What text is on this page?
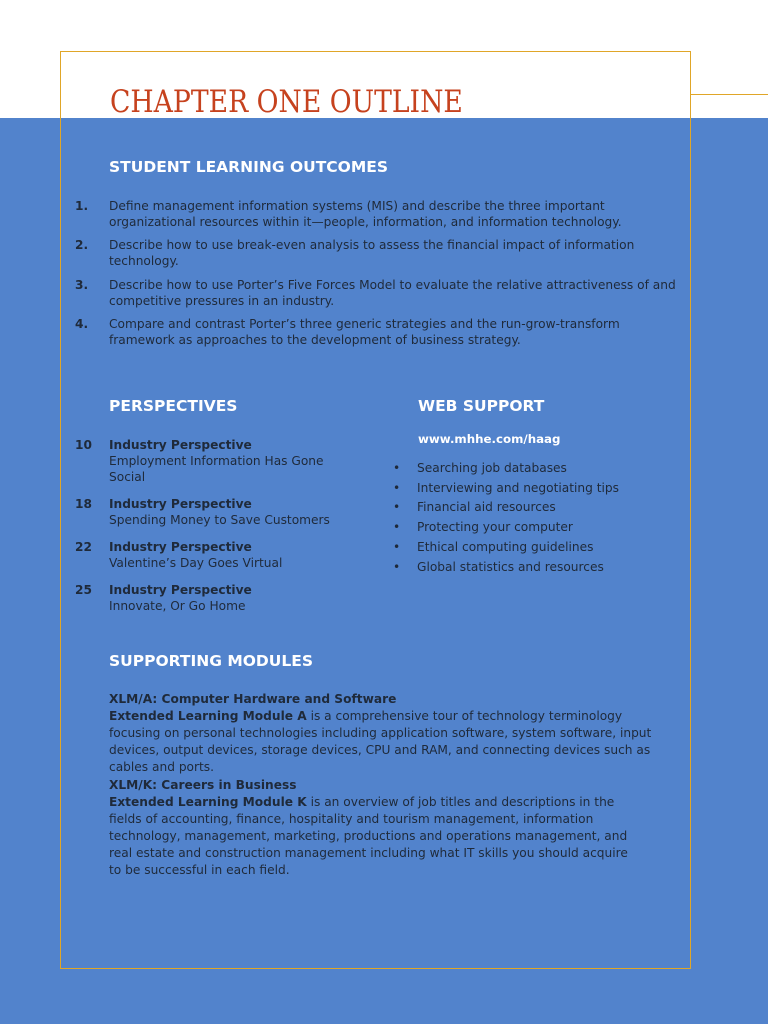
CHAPTER ONE OUTLINE
STUDENT LEARNING OUTCOMES
1. Define management information systems (MIS) and describe the three important organizational resources within it—people, information, and information technology.
2. Describe how to use break-even analysis to assess the financial impact of information technology.
3. Describe how to use Porter’s Five Forces Model to evaluate the relative attractiveness of and competitive pressures in an industry.
4. Compare and contrast Porter’s three generic strategies and the run-grow-transform framework as approaches to the development of business strategy.
PERSPECTIVES
10 Industry Perspective
Employment Information Has Gone Social
18 Industry Perspective
Spending Money to Save Customers
22 Industry Perspective
Valentine’s Day Goes Virtual
25 Industry Perspective
Innovate, Or Go Home
WEB SUPPORT
www.mhhe.com/haag
• Searching job databases
• Interviewing and negotiating tips
• Financial aid resources
• Protecting your computer
• Ethical computing guidelines
• Global statistics and resources
SUPPORTING MODULES
XLM/A: Computer Hardware and Software
Extended Learning Module A is a comprehensive tour of technology terminology focusing on personal technologies including application software, system software, input devices, output devices, storage devices, CPU and RAM, and connecting devices such as cables and ports.
XLM/K: Careers in Business
Extended Learning Module K is an overview of job titles and descriptions in the fields of accounting, finance, hospitality and tourism management, information technology, management, marketing, productions and operations management, and real estate and construction management including what IT skills you should acquire to be successful in each field.
